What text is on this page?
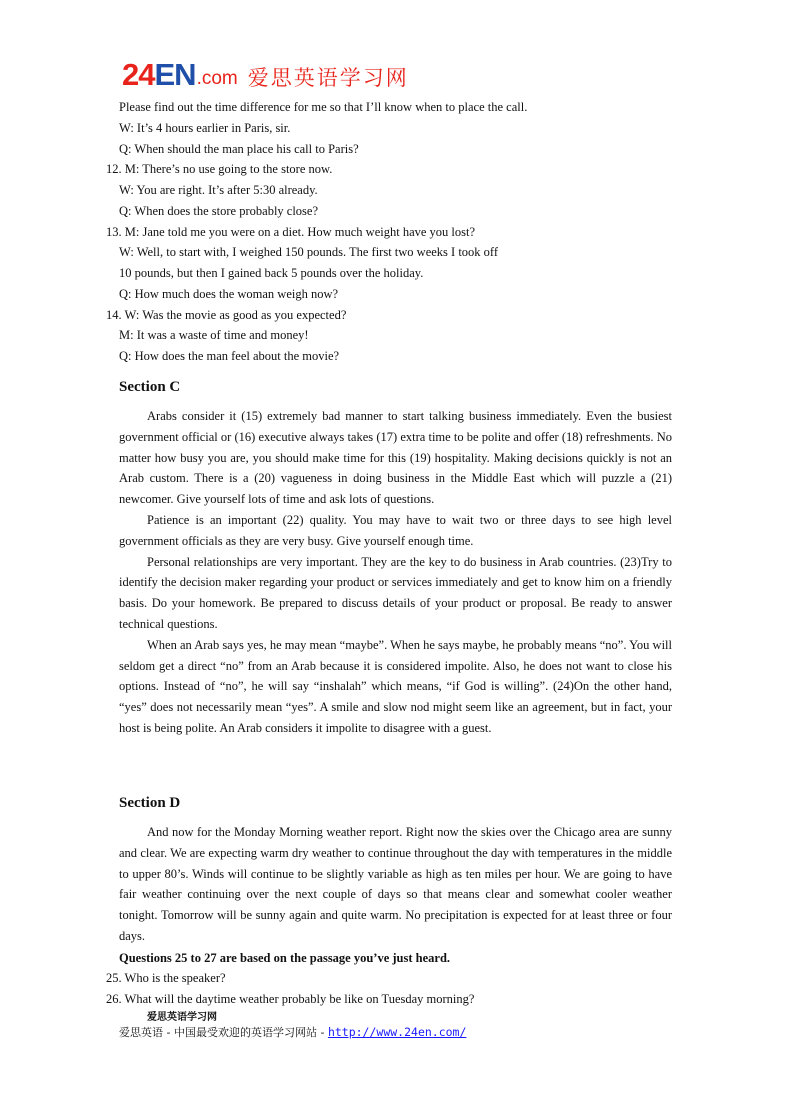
24 EN .com 爱思英语学习网
Please find out the time difference for me so that I’ll know when to place the call.
W: It’s 4 hours earlier in Paris, sir.
Q: When should the man place his call to Paris?
12. M: There’s no use going to the store now.
W: You are right. It’s after 5:30 already.
Q: When does the store probably close?
13. M: Jane told me you were on a diet. How much weight have you lost?
W: Well, to start with, I weighed 150 pounds. The first two weeks I took off
10 pounds, but then I gained back 5 pounds over the holiday.
Q: How much does the woman weigh now?
14. W: Was the movie as good as you expected?
M: It was a waste of time and money!
Q: How does the man feel about the movie?
Section C

Arabs consider it (15) extremely bad manner to start talking business immediately. Even the busiest government official or (16) executive always takes (17) extra time to be polite and offer (18) refreshments. No matter how busy you are, you should make time for this (19) hospitality. Making decisions quickly is not an Arab custom. There is a (20) vagueness in doing business in the Middle East which will puzzle a (21) newcomer. Give yourself lots of time and ask lots of questions.

Patience is an important (22) quality. You may have to wait two or three days to see high level government officials as they are very busy. Give yourself enough time.

Personal relationships are very important. They are the key to do business in Arab countries. (23)Try to identify the decision maker regarding your product or services immediately and get to know him on a friendly basis. Do your homework. Be prepared to discuss details of your product or proposal. Be ready to answer technical questions.

When an Arab says yes, he may mean “maybe”. When he says maybe, he probably means “no”. You will seldom get a direct “no” from an Arab because it is considered impolite. Also, he does not want to close his options. Instead of “no”, he will say “inshalah” which means, “if God is willing”. (24)On the other hand, “yes” does not necessarily mean “yes”. A smile and slow nod might seem like an agreement, but in fact, your host is being polite. An Arab considers it impolite to disagree with a guest.

Section D

And now for the Monday Morning weather report. Right now the skies over the Chicago area are sunny and clear. We are expecting warm dry weather to continue throughout the day with temperatures in the middle to upper 80’s. Winds will continue to be slightly variable as high as ten miles per hour. We are going to have fair weather continuing over the next couple of days so that means clear and somewhat cooler weather tonight. Tomorrow will be sunny again and quite warm. No precipitation is expected for at least three or four days.

Questions 25 to 27 are based on the passage you’ve just heard.
25. Who is the speaker?
26. What will the daytime weather probably be like on Tuesday morning?
爱思英语学习网
爱思英语 - 中国最受欢迎的英语学习网站 - http://www.24en.com/
